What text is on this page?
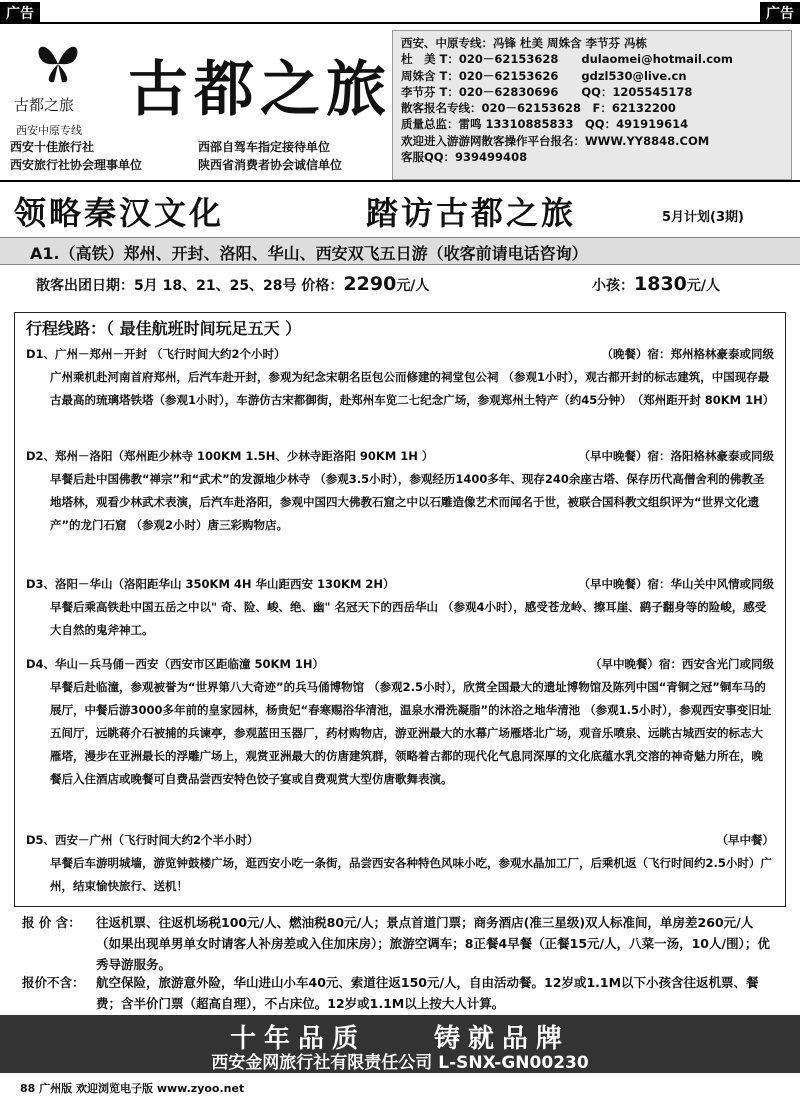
广告	广告
古都之旅 古都之旅
西安中原专线
西安十佳旅行社
西安旅行社协会理事单位
西部自驾车指定接待单位
陕西省消费者协会诚信单位
西安、中原专线：冯锋 杜美 周姝含 李节芬 冯栋
杜　美 T：020－62153628　　dulaomei@hotmail.com
周姝含 T：020－62153626　　gdzl530@live.cn
李节芬 T：020－62830696　　QQ：1205545178
散客报名专线：020－62153628　F：62132200
质量总监：雷鸣 13310885833　QQ：491919614
欢迎进入游游网散客操作平台报名：WWW.YY8848.COM
客服QQ：939499408
领略秦汉文化	踏访古都之旅	5月计划(3期)
A1.（高铁）郑州、开封、洛阳、华山、西安双飞五日游（收客前请电话咨询）
散客出团日期：5月 18、21、25、28号 价格：2290元/人	小孩：1830元/人
行程线路：（ 最佳航班时间玩足五天 ）
D1、广州－郑州－开封 （飞行时间大约2个小时）	（晚餐）宿：郑州格林豪泰或同级
广州乘机赴河南首府郑州，后汽车赴开封，参观为纪念宋朝名臣包公而修建的祠堂包公祠 （参观1小时），观古都开封的标志建筑，中国现存最古最高的琉璃塔铁塔（参观1小时），车游仿古宋都御街，赴郑州车览二七纪念广场，参观郑州土特产（约45分钟）　（郑州距开封 80KM 1H）
D2、郑州－洛阳（郑州距少林寺 100KM 1.5H、少林寺距洛阳 90KM 1H ）	（早中晚餐）宿：洛阳格林豪泰或同级
早餐后赴中国佛教“禅宗”和“武术”的发源地少林寺 （参观3.5小时），参观经历1400多年、现存240余座古塔、保存历代高僧舍利的佛教圣地塔林，观看少林武术表演，后汽车赴洛阳，参观中国四大佛教石窟之中以石雕造像艺术而闻名于世，被联合国科教文组织评为“世界文化遗产”的龙门石窟 （参观2小时）唐三彩购物店。
D3、洛阳－华山（洛阳距华山 350KM 4H 华山距西安 130KM 2H）	（早中晚餐）宿：华山关中风情或同级
早餐后乘高铁赴中国五岳之中以" 奇、险、峻、绝、幽" 名冠天下的西岳华山 （参观4小时），感受苍龙岭、擦耳崖、鹞子翻身等的险峻，感受大自然的鬼斧神工。
D4、华山－兵马俑－西安（西安市区距临潼 50KM 1H）	（早中晚餐）宿：西安含光门或同级
早餐后赴临潼，参观被誉为“世界第八大奇迹”的兵马俑博物馆 （参观2.5小时），欣赏全国最大的遗址博物馆及陈列中国“青铜之冠”铜车马的展厅，中餐后游3000多年前的皇家园林，杨贵妃“春寒赐浴华清池，温泉水滑洗凝脂”的沐浴之地华清池 （参观1.5小时），参观西安事变旧址五间厅，远眺蒋介石被捕的兵谏亭，参观蓝田玉器厂，药材购物店，游亚洲最大的水幕广场雁塔北广场，观音乐喷泉、远眺古城西安的标志大雁塔，漫步在亚洲最长的浮雕广场上，观赏亚洲最大的仿唐建筑群，领略着古都的现代化气息同深厚的文化底蕴水乳交溶的神奇魅力所在，晚餐后入住酒店或晚餐可自费品尝西安特色饺子宴或自费观赏大型仿唐歌舞表演。
D5、西安－广州（飞行时间大约2个半小时）	（早中餐）
早餐后车游明城墙，游览钟鼓楼广场，逛西安小吃一条街，品尝西安各种特色风味小吃，参观水晶加工厂，后乘机返（飞行时间约2.5小时）广州，结束愉快旅行、送机！
报 价 含： 往返机票、往返机场税100元/人、燃油税80元/人；景点首道门票；商务酒店(准三星级)双人标准间，单房差260元/人（如果出现单男单女时请客人补房差或入住加床房）；旅游空调车；8正餐4早餐（正餐15元/人，八菜一汤，10人/围）；优秀导游服务。
报价不含： 航空保险，旅游意外险，华山进山小车40元、索道往返150元/人，自由活动餐。12岁或1.1M以下小孩含往返机票、餐费；含半价门票（超高自理），不占床位。12岁或1.1M以上按大人计算。
十年品质　　	铸就品牌
西安金网旅行社有限责任公司 L-SNX-GN00230
88 广州版 欢迎浏览电子版 www.zyoo.net
